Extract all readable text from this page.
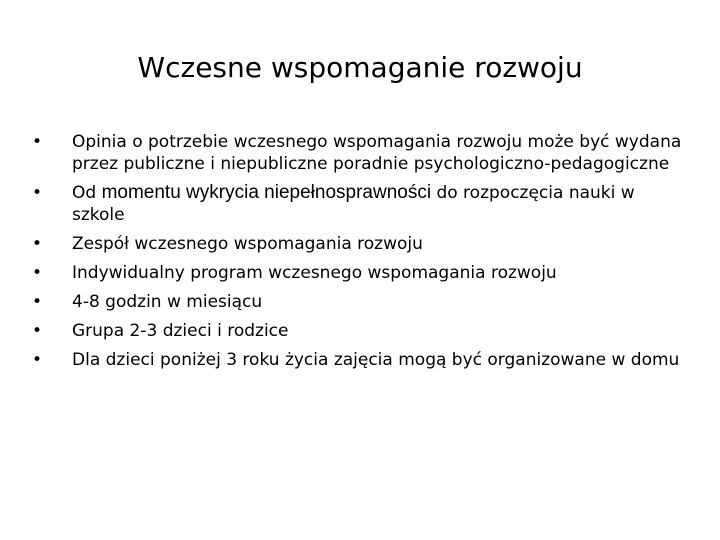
Wczesne wspomaganie rozwoju
• Opinia o potrzebie wczesnego wspomagania rozwoju może być wydana przez publiczne i niepubliczne poradnie psychologiczno-pedagogiczne
• Od momentu wykrycia niepełnosprawności do rozpoczęcia nauki w szkole
• Zespół wczesnego wspomagania rozwoju
• Indywidualny program wczesnego wspomagania rozwoju
• 4-8 godzin w miesiącu
• Grupa 2-3 dzieci i rodzice
• Dla dzieci poniżej 3 roku życia zajęcia mogą być organizowane w domu
